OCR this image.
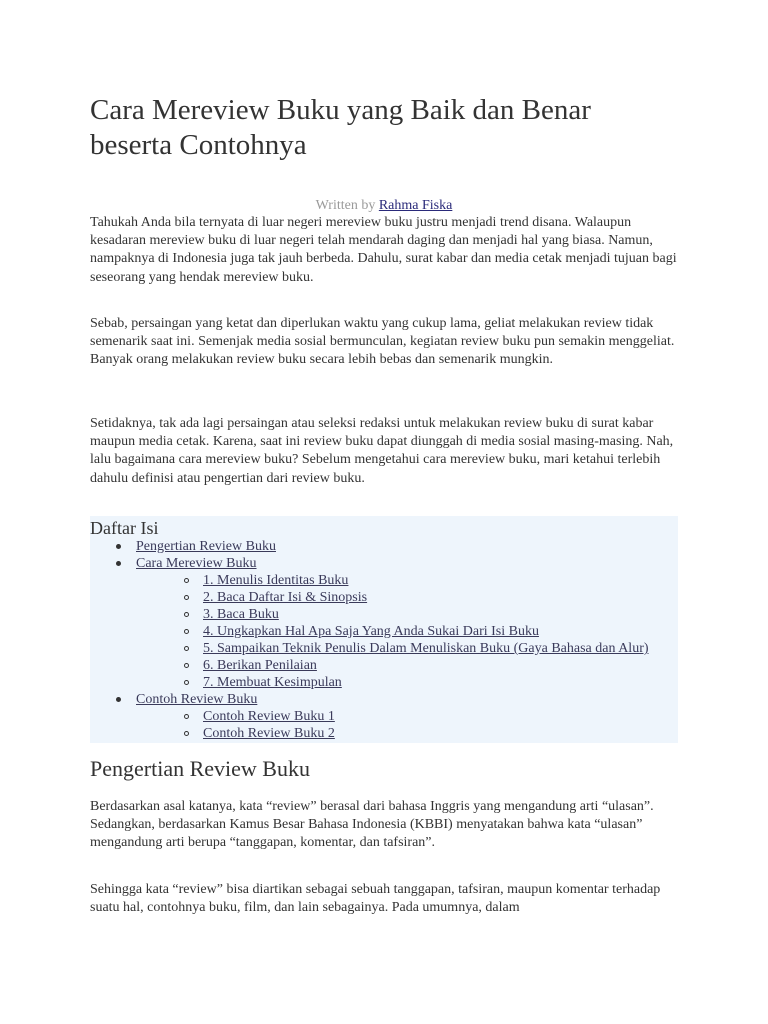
Cara Mereview Buku yang Baik dan Benar beserta Contohnya
Written by Rahma Fiska

Tahukah Anda bila ternyata di luar negeri mereview buku justru menjadi trend disana. Walaupun kesadaran mereview buku di luar negeri telah mendarah daging dan menjadi hal yang biasa. Namun, nampaknya di Indonesia juga tak jauh berbeda. Dahulu, surat kabar dan media cetak menjadi tujuan bagi seseorang yang hendak mereview buku.

Sebab, persaingan yang ketat dan diperlukan waktu yang cukup lama, geliat melakukan review tidak semenarik saat ini. Semenjak media sosial bermunculan, kegiatan review buku pun semakin menggeliat. Banyak orang melakukan review buku secara lebih bebas dan semenarik mungkin.

Setidaknya, tak ada lagi persaingan atau seleksi redaksi untuk melakukan review buku di surat kabar maupun media cetak. Karena, saat ini review buku dapat diunggah di media sosial masing-masing. Nah, lalu bagaimana cara mereview buku? Sebelum mengetahui cara mereview buku, mari ketahui terlebih dahulu definisi atau pengertian dari review buku.

Daftar Isi
Pengertian Review Buku
Cara Mereview Buku
1. Menulis Identitas Buku
2. Baca Daftar Isi & Sinopsis
3. Baca Buku
4. Ungkapkan Hal Apa Saja Yang Anda Sukai Dari Isi Buku
5. Sampaikan Teknik Penulis Dalam Menuliskan Buku (Gaya Bahasa dan Alur)
6. Berikan Penilaian
7. Membuat Kesimpulan
Contoh Review Buku
Contoh Review Buku 1
Contoh Review Buku 2
Pengertian Review Buku

Berdasarkan asal katanya, kata “review” berasal dari bahasa Inggris yang mengandung arti “ulasan”. Sedangkan, berdasarkan Kamus Besar Bahasa Indonesia (KBBI) menyatakan bahwa kata “ulasan” mengandung arti berupa “tanggapan, komentar, dan tafsiran”.

Sehingga kata “review” bisa diartikan sebagai sebuah tanggapan, tafsiran, maupun komentar terhadap suatu hal, contohnya buku, film, dan lain sebagainya. Pada umumnya, dalam
